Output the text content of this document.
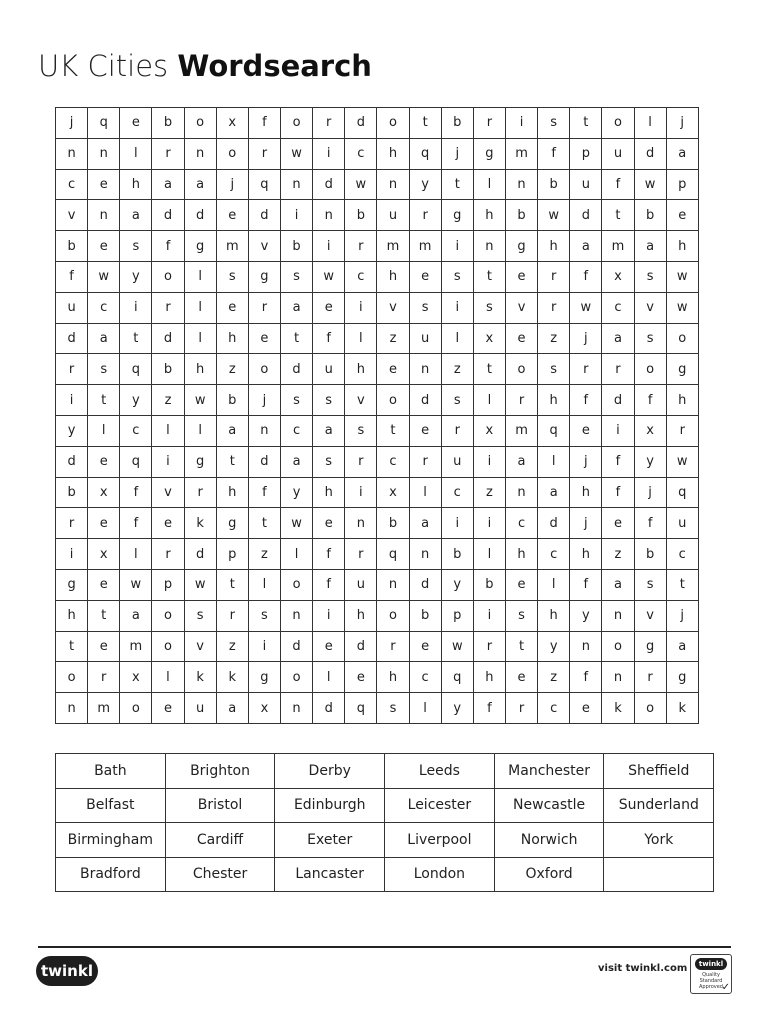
UK Cities Wordsearch
j	q	e	b	o	x	f	o	r	d	o	t	b	r	i	s	t	o	l	j
n	n	l	r	n	o	r	w	i	c	h	q	j	g	m	f	p	u	d	a
c	e	h	a	a	j	q	n	d	w	n	y	t	l	n	b	u	f	w	p
v	n	a	d	d	e	d	i	n	b	u	r	g	h	b	w	d	t	b	e
b	e	s	f	g	m	v	b	i	r	m	m	i	n	g	h	a	m	a	h
f	w	y	o	l	s	g	s	w	c	h	e	s	t	e	r	f	x	s	w
u	c	i	r	l	e	r	a	e	i	v	s	i	s	v	r	w	c	v	w
d	a	t	d	l	h	e	t	f	l	z	u	l	x	e	z	j	a	s	o
r	s	q	b	h	z	o	d	u	h	e	n	z	t	o	s	r	r	o	g
i	t	y	z	w	b	j	s	s	v	o	d	s	l	r	h	f	d	f	h
y	l	c	l	l	a	n	c	a	s	t	e	r	x	m	q	e	i	x	r
d	e	q	i	g	t	d	a	s	r	c	r	u	i	a	l	j	f	y	w
b	x	f	v	r	h	f	y	h	i	x	l	c	z	n	a	h	f	j	q
r	e	f	e	k	g	t	w	e	n	b	a	i	i	c	d	j	e	f	u
i	x	l	r	d	p	z	l	f	r	q	n	b	l	h	c	h	z	b	c
g	e	w	p	w	t	l	o	f	u	n	d	y	b	e	l	f	a	s	t
h	t	a	o	s	r	s	n	i	h	o	b	p	i	s	h	y	n	v	j
t	e	m	o	v	z	i	d	e	d	r	e	w	r	t	y	n	o	g	a
o	r	x	l	k	k	g	o	l	e	h	c	q	h	e	z	f	n	r	g
n	m	o	e	u	a	x	n	d	q	s	l	y	f	r	c	e	k	o	k
Bath	Brighton	Derby	Leeds	Manchester	Sheffield
Belfast	Bristol	Edinburgh	Leicester	Newcastle	Sunderland
Birmingham	Cardiff	Exeter	Liverpool	Norwich	York
Bradford	Chester	Lancaster	London	Oxford	
twinkl	visit twinkl.com	twinkl
Quality Standard Approved
✓
